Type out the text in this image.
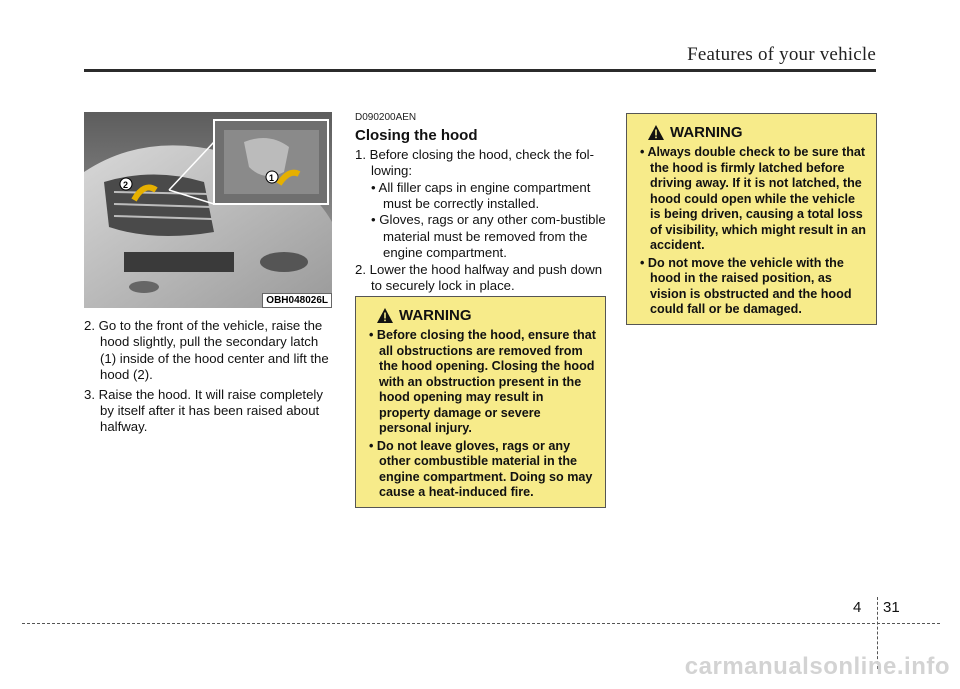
Features of your vehicle
1
2
OBH048026L

2. Go to the front of the vehicle, raise the hood slightly, pull the secondary latch (1) inside of the hood center and lift the hood (2).

3. Raise the hood. It will raise completely by itself after it has been raised about halfway.

D090200AEN
Closing the hood

1. Before closing the hood, check the fol-lowing:

• All filler caps in engine compartment must be correctly installed.

• Gloves, rags or any other com-bustible material must be removed from the engine compartment.

2. Lower the hood halfway and push down to securely lock in place.

WARNING

• Before closing the hood, ensure that all obstructions are removed from the hood opening. Closing the hood with an obstruction present in the hood opening may result in property damage or severe personal injury.

• Do not leave gloves, rags or any other combustible material in the engine compartment. Doing so may cause a heat-induced fire.

WARNING

• Always double check to be sure that the hood is firmly latched before driving away. If it is not latched, the hood could open while the vehicle is being driven, causing a total loss of visibility, which might result in an accident.

• Do not move the vehicle with the hood in the raised position, as vision is obstructed and the hood could fall or be damaged.

4 31
carmanualsonline.info
